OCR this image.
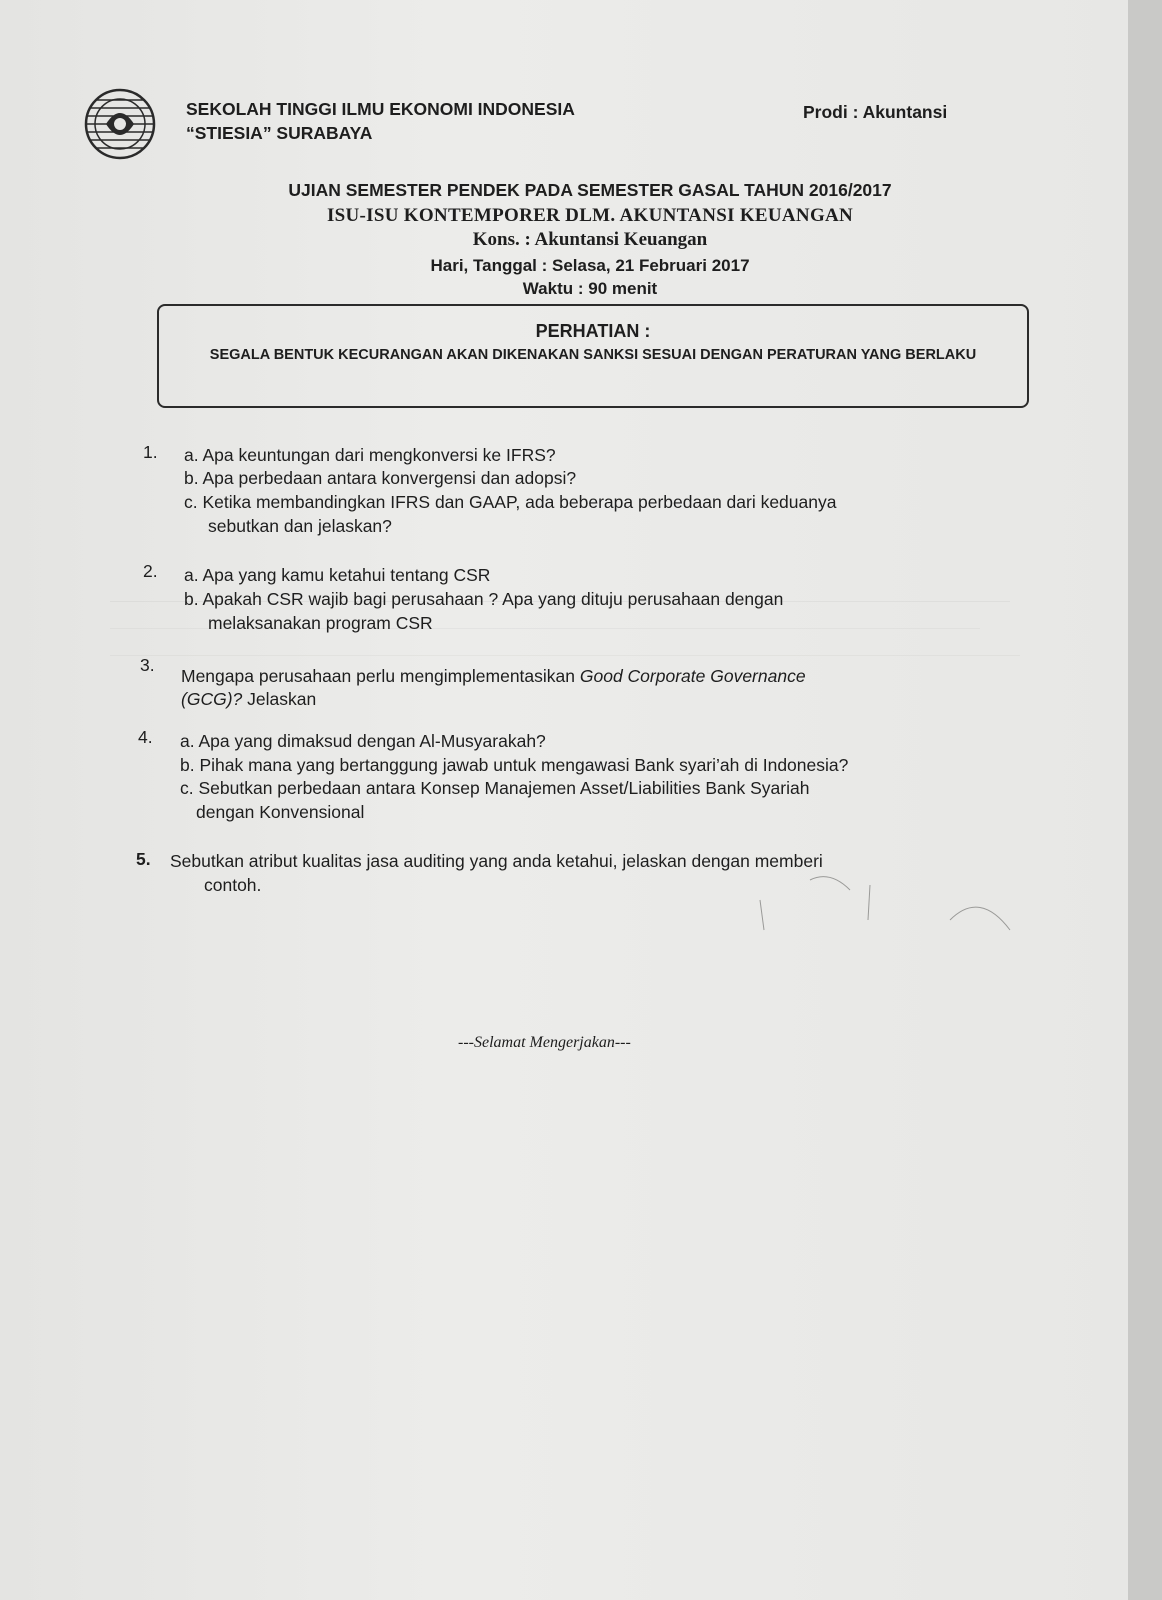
SEKOLAH TINGGI ILMU EKONOMI INDONESIA
“STIESIA” SURABAYA
Prodi : Akuntansi
UJIAN SEMESTER PENDEK PADA SEMESTER GASAL TAHUN 2016/2017
ISU-ISU KONTEMPORER DLM. AKUNTANSI KEUANGAN
Kons. : Akuntansi Keuangan
Hari, Tanggal : Selasa, 21 Februari 2017
Waktu : 90 menit
PERHATIAN :
SEGALA BENTUK KECURANGAN AKAN DIKENAKAN SANKSI SESUAI DENGAN PERATURAN YANG BERLAKU
1. a. Apa keuntungan dari mengkonversi ke IFRS?
b. Apa perbedaan antara konvergensi dan adopsi?
c. Ketika membandingkan IFRS dan GAAP, ada beberapa perbedaan dari keduanya
sebutkan dan jelaskan?
2. a. Apa yang kamu ketahui tentang CSR
b. Apakah CSR wajib bagi perusahaan ? Apa yang dituju perusahaan dengan
melaksanakan program CSR
3.
Mengapa perusahaan perlu mengimplementasikan Good Corporate Governance
(GCG)? Jelaskan
4. a. Apa yang dimaksud dengan Al-Musyarakah?
b. Pihak mana yang bertanggung jawab untuk mengawasi Bank syari’ah di Indonesia?
c. Sebutkan perbedaan antara Konsep Manajemen Asset/Liabilities Bank Syariah
dengan Konvensional
5. Sebutkan atribut kualitas jasa auditing yang anda ketahui, jelaskan dengan memberi
contoh.
---Selamat Mengerjakan---
